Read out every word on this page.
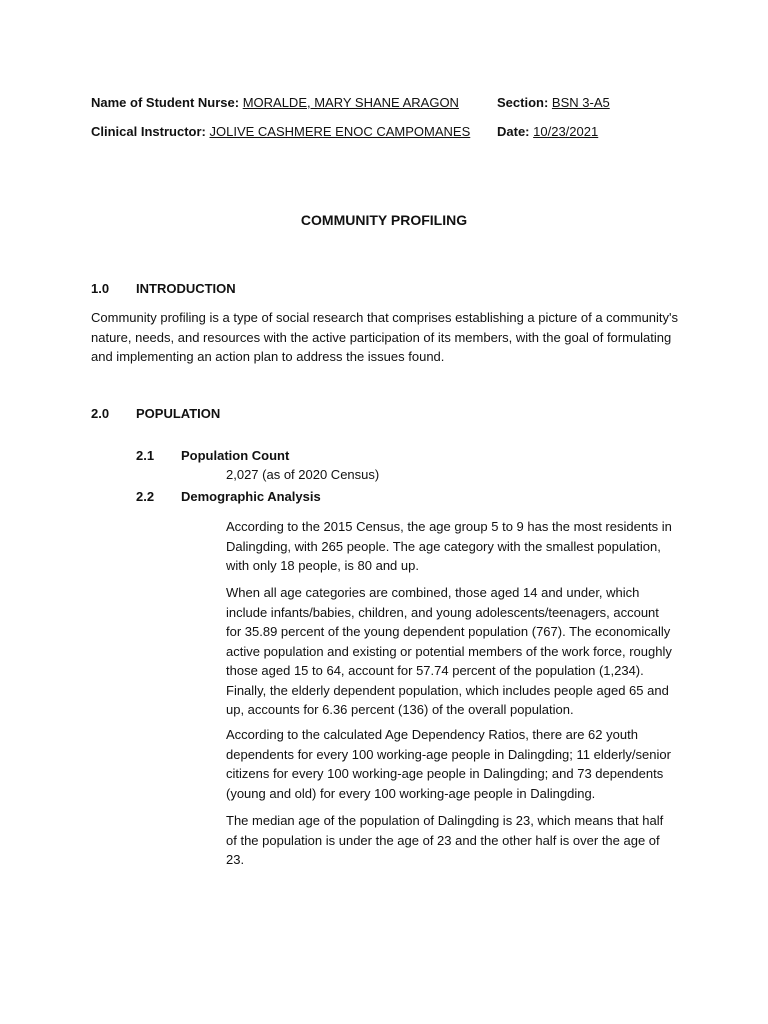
Name of Student Nurse: MORALDE, MARY SHANE ARAGON	Section: BSN 3-A5
Clinical Instructor: JOLIVE CASHMERE ENOC CAMPOMANES Date: 10/23/2021
COMMUNITY PROFILING
1.0 INTRODUCTION
Community profiling is a type of social research that comprises establishing a picture of a community's nature, needs, and resources with the active participation of its members, with the goal of formulating and implementing an action plan to address the issues found.
2.0 POPULATION
2.1 Population Count
2,027 (as of 2020 Census)
2.2 Demographic Analysis
According to the 2015 Census, the age group 5 to 9 has the most residents in Dalingding, with 265 people. The age category with the smallest population, with only 18 people, is 80 and up.
When all age categories are combined, those aged 14 and under, which include infants/babies, children, and young adolescents/teenagers, account for 35.89 percent of the young dependent population (767). The economically active population and existing or potential members of the work force, roughly those aged 15 to 64, account for 57.74 percent of the population (1,234). Finally, the elderly dependent population, which includes people aged 65 and up, accounts for 6.36 percent (136) of the overall population.
According to the calculated Age Dependency Ratios, there are 62 youth dependents for every 100 working-age people in Dalingding; 11 elderly/senior citizens for every 100 working-age people in Dalingding; and 73 dependents (young and old) for every 100 working-age people in Dalingding.
The median age of the population of Dalingding is 23, which means that half of the population is under the age of 23 and the other half is over the age of 23.
